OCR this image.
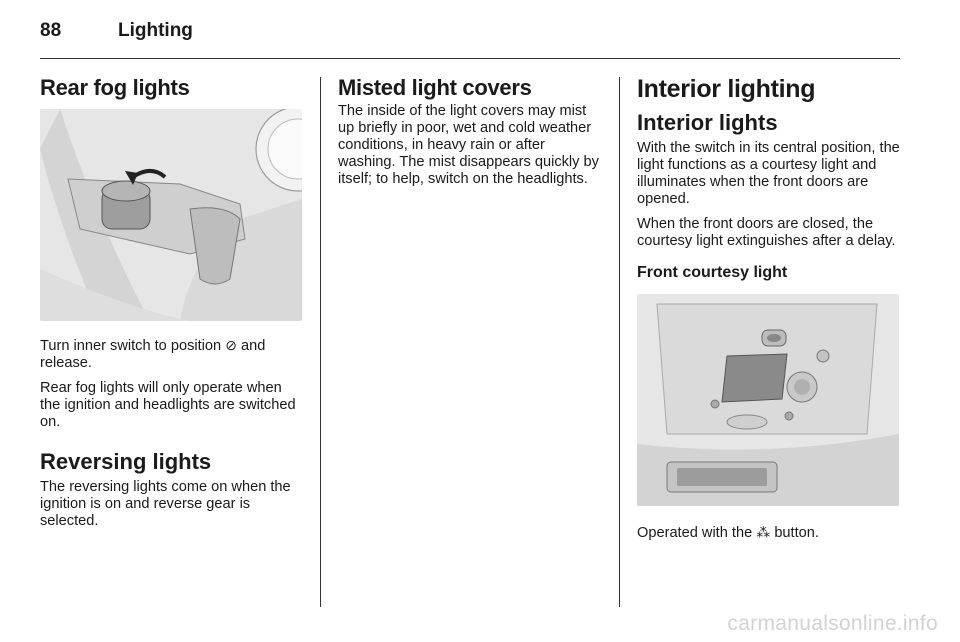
88	Lighting
Rear fog lights

Turn inner switch to position ⊘ and release.

Rear fog lights will only operate when the ignition and headlights are switched on.

Reversing lights

The reversing lights come on when the ignition is on and reverse gear is selected.

Misted light covers

The inside of the light covers may mist up briefly in poor, wet and cold weather conditions, in heavy rain or after washing. The mist disappears quickly by itself; to help, switch on the headlights.

Interior lighting
Interior lights

With the switch in its central position, the light functions as a courtesy light and illuminates when the front doors are opened.

When the front doors are closed, the courtesy light extinguishes after a delay.

Front courtesy light

Operated with the ⁂ button.

carmanualsonline.info
